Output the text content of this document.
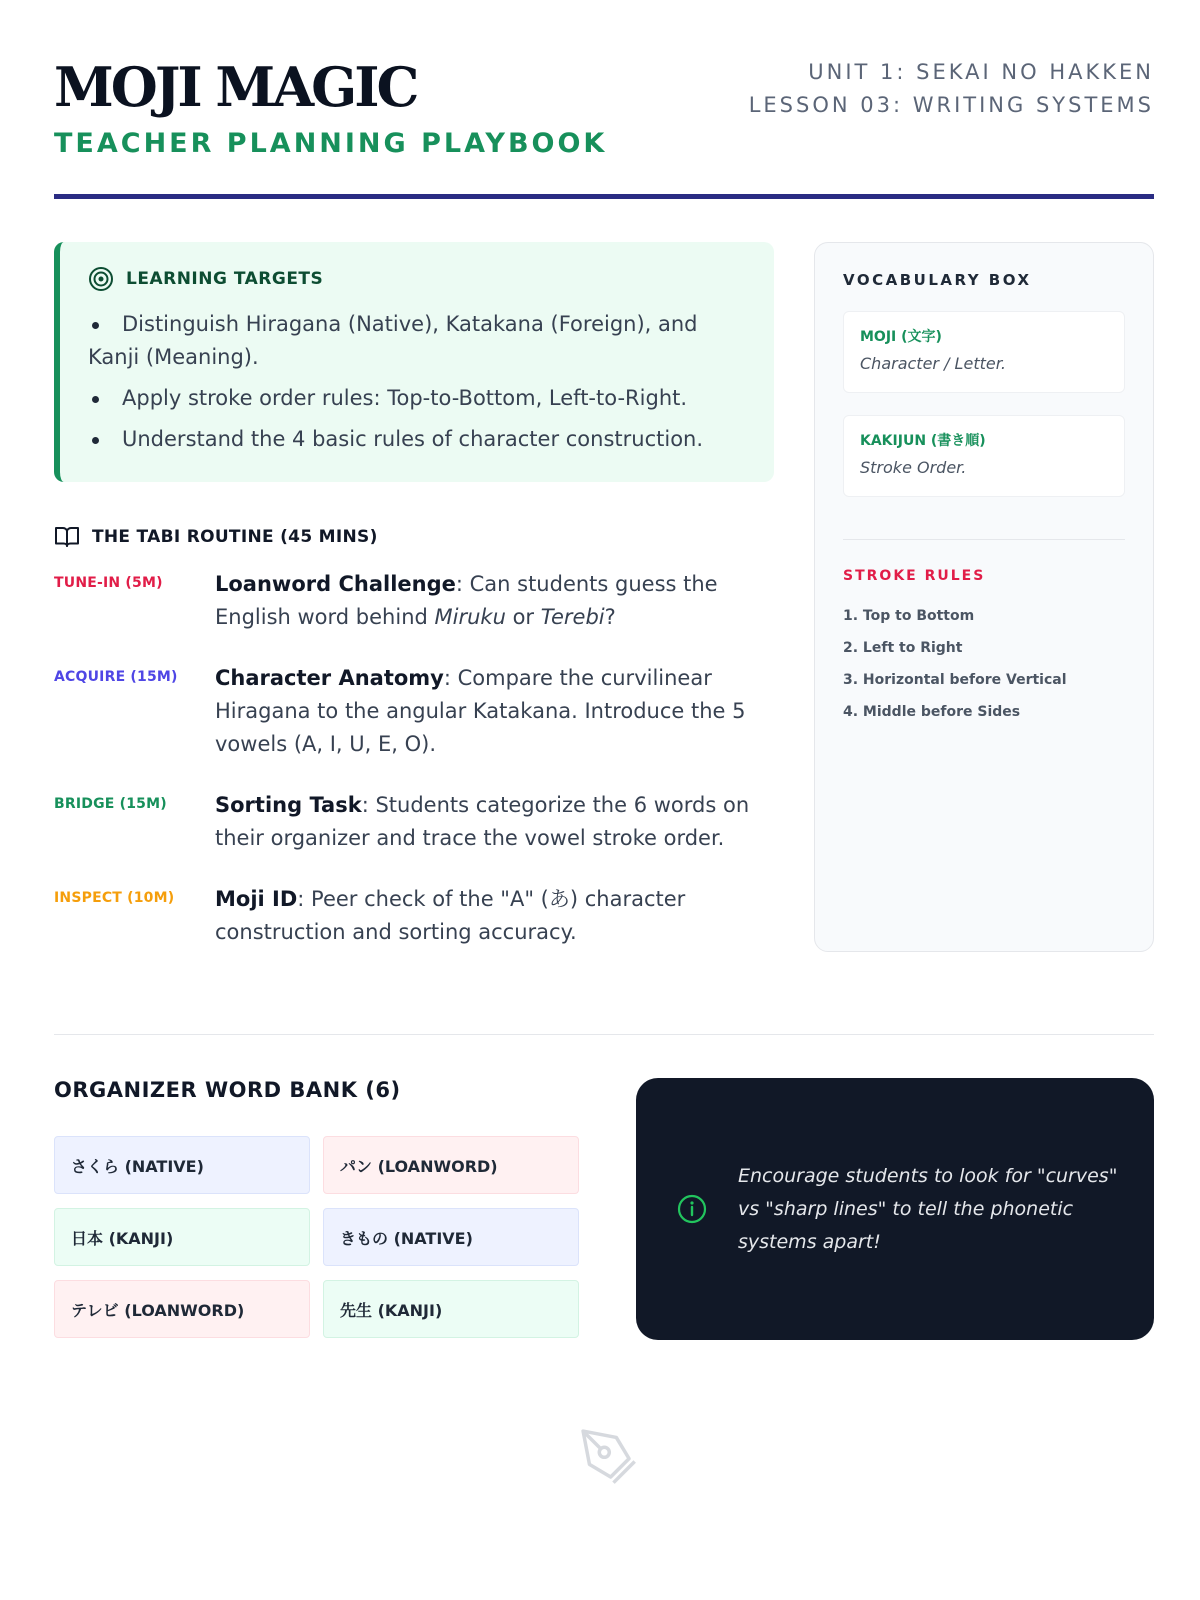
MOJI MAGIC
TEACHER PLANNING PLAYBOOK
UNIT 1: SEKAI NO HAKKEN
LESSON 03: WRITING SYSTEMS
LEARNING TARGETS
Distinguish Hiragana (Native), Katakana (Foreign), and Kanji (Meaning).
Apply stroke order rules: Top-to-Bottom, Left-to-Right.
Understand the 4 basic rules of character construction.
THE TABI ROUTINE (45 MINS)
TUNE-IN (5M)	Loanword Challenge: Can students guess the English word behind Miruku or Terebi?
ACQUIRE (15M)	Character Anatomy: Compare the curvilinear Hiragana to the angular Katakana. Introduce the 5 vowels (A, I, U, E, O).
BRIDGE (15M)	Sorting Task: Students categorize the 6 words on their organizer and trace the vowel stroke order.
INSPECT (10M)	Moji ID: Peer check of the "A" (あ) character construction and sorting accuracy.
VOCABULARY BOX
MOJI (文字)
Character / Letter.
KAKIJUN (書き順)
Stroke Order.
STROKE RULES
1. Top to Bottom
2. Left to Right
3. Horizontal before Vertical
4. Middle before Sides
ORGANIZER WORD BANK (6)
さくら (NATIVE)	パン (LOANWORD)
日本 (KANJI)	きもの (NATIVE)
テレビ (LOANWORD)	先生 (KANJI)
Encourage students to look for "curves" vs "sharp lines" to tell the phonetic systems apart!
